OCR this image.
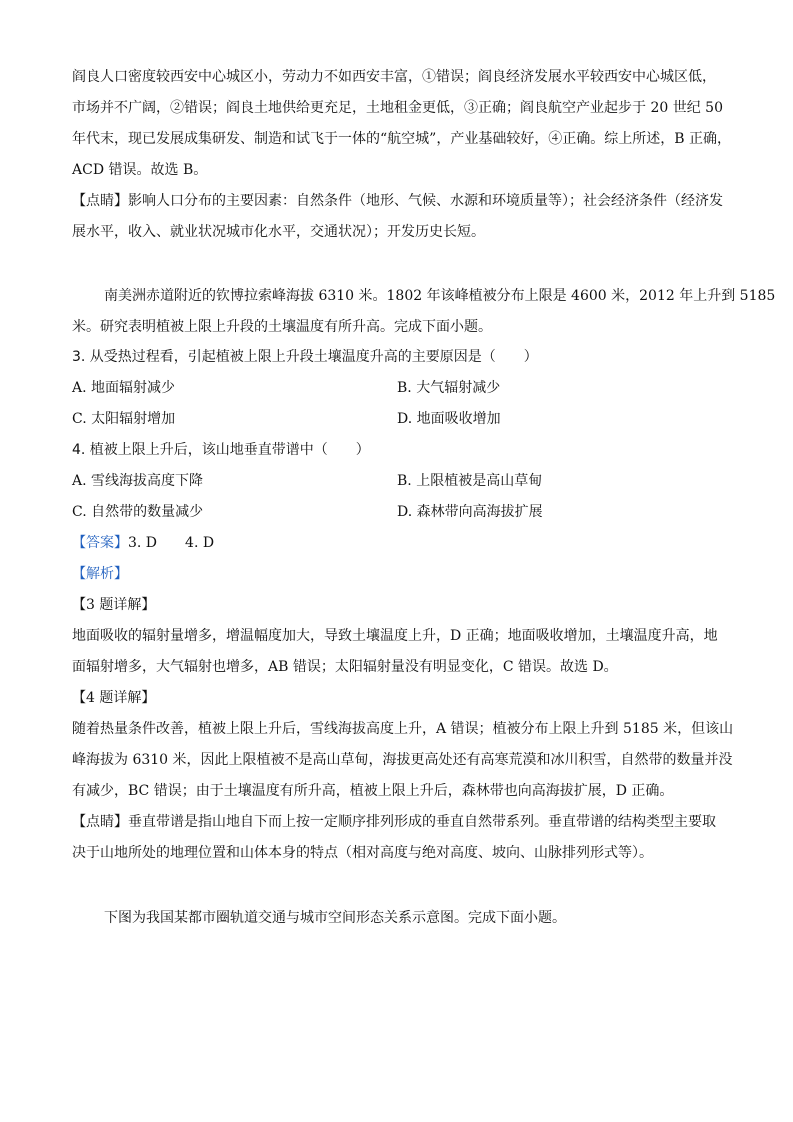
阎良人口密度较西安中心城区小，劳动力不如西安丰富，①错误；阎良经济发展水平较西安中心城区低，
市场并不广阔，②错误；阎良土地供给更充足，土地租金更低，③正确；阎良航空产业起步于 20 世纪 50
年代末，现已发展成集研发、制造和试飞于一体的“航空城”，产业基础较好，④正确。综上所述，B 正确，
ACD 错误。故选 B。
【点睛】影响人口分布的主要因素：自然条件（地形、气候、水源和环境质量等）；社会经济条件（经济发
展水平，收入、就业状况城市化水平，交通状况）；开发历史长短。
南美洲赤道附近的钦博拉索峰海拔 6310 米。1802 年该峰植被分布上限是 4600 米，2012 年上升到 5185
米。研究表明植被上限上升段的土壤温度有所升高。完成下面小题。
3. 从受热过程看，引起植被上限上升段土壤温度升高的主要原因是（　　）
A. 地面辐射减少	B. 大气辐射减少
C. 太阳辐射增加	D. 地面吸收增加
4. 植被上限上升后，该山地垂直带谱中（　　）
A. 雪线海拔高度下降	B. 上限植被是高山草甸
C. 自然带的数量减少	D. 森林带向高海拔扩展
【答案】3. D　　4. D
【解析】
【3 题详解】
地面吸收的辐射量增多，增温幅度加大，导致土壤温度上升，D 正确；地面吸收增加，土壤温度升高，地
面辐射增多，大气辐射也增多，AB 错误；太阳辐射量没有明显变化，C 错误。故选 D。
【4 题详解】
随着热量条件改善，植被上限上升后，雪线海拔高度上升，A 错误；植被分布上限上升到 5185 米，但该山
峰海拔为 6310 米，因此上限植被不是高山草甸，海拔更高处还有高寒荒漠和冰川积雪，自然带的数量并没
有减少，BC 错误；由于土壤温度有所升高，植被上限上升后，森林带也向高海拔扩展，D 正确。
【点睛】垂直带谱是指山地自下而上按一定顺序排列形成的垂直自然带系列。垂直带谱的结构类型主要取
决于山地所处的地理位置和山体本身的特点（相对高度与绝对高度、坡向、山脉排列形式等）。
下图为我国某都市圈轨道交通与城市空间形态关系示意图。完成下面小题。
